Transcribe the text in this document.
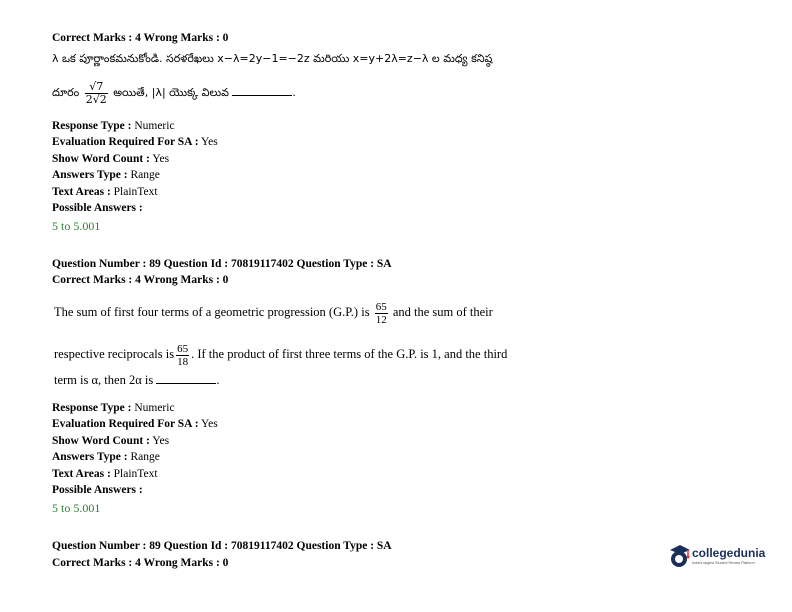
Correct Marks : 4 Wrong Marks : 0
λ ఒక పూర్ణాంకమనుకోండి. సరళరేఖలు x−λ=2y−1=−2z మరియు x=y+2λ=z−λ ల మధ్య కనిష్ఠ
దూరం $\frac{√7}{2√2}$ అయితే, |λ| యొక్క విలువ	.
Response Type : Numeric
Evaluation Required For SA : Yes
Show Word Count : Yes
Answers Type : Range
Text Areas : PlainText
Possible Answers :
5 to 5.001
Question Number : 89 Question Id : 70819117402 Question Type : SA
Correct Marks : 4 Wrong Marks : 0
The sum of first four terms of a geometric progression (G.P.) is $\frac{65}{12}$ and the sum of their
respective reciprocals is $\frac{65}{18}$ . If the product of first three terms of the G.P. is 1, and the third
term is α, then 2α is	.
Response Type : Numeric
Evaluation Required For SA : Yes
Show Word Count : Yes
Answers Type : Range
Text Areas : PlainText
Possible Answers :
5 to 5.001
Question Number : 89 Question Id : 70819117402 Question Type : SA
Correct Marks : 4 Wrong Marks : 0
collegedunia
India's largest Student Review Platform
